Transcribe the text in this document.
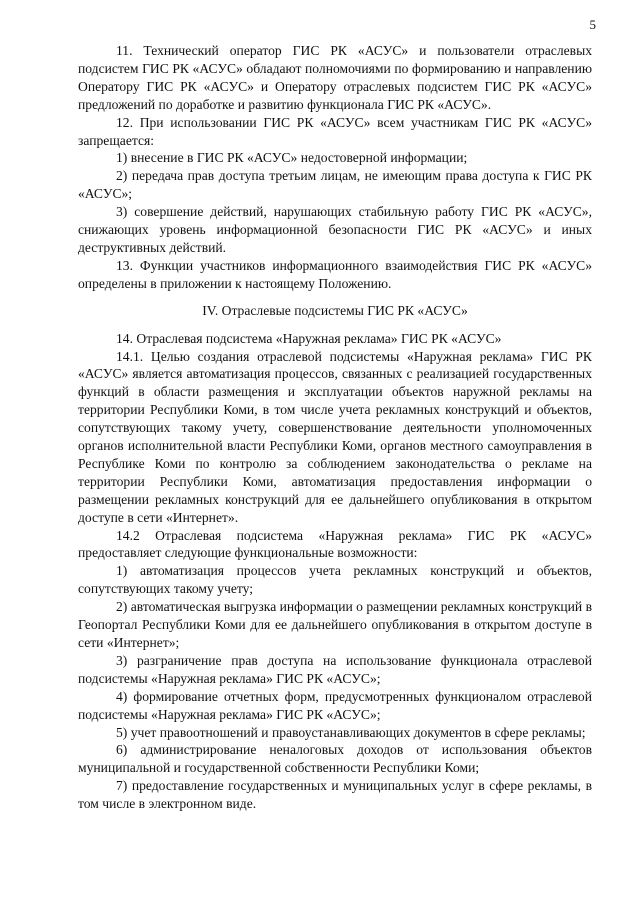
5

11. Технический оператор ГИС РК «АСУС» и пользователи отраслевых подсистем ГИС РК «АСУС» обладают полномочиями по формированию и направлению Оператору ГИС РК «АСУС» и Оператору отраслевых подсистем ГИС РК «АСУС» предложений по доработке и развитию функционала ГИС РК «АСУС».

12. При использовании ГИС РК «АСУС» всем участникам ГИС РК «АСУС» запрещается:

1) внесение в ГИС РК «АСУС» недостоверной информации;

2) передача прав доступа третьим лицам, не имеющим права доступа к ГИС РК «АСУС»;

3) совершение действий, нарушающих стабильную работу ГИС РК «АСУС», снижающих уровень информационной безопасности ГИС РК «АСУС» и иных деструктивных действий.

13. Функции участников информационного взаимодействия ГИС РК «АСУС» определены в приложении к настоящему Положению.

IV. Отраслевые подсистемы ГИС РК «АСУС»

14. Отраслевая подсистема «Наружная реклама» ГИС РК «АСУС»

14.1. Целью создания отраслевой подсистемы «Наружная реклама» ГИС РК «АСУС» является автоматизация процессов, связанных с реализацией государственных функций в области размещения и эксплуатации объектов наружной рекламы на территории Республики Коми, в том числе учета рекламных конструкций и объектов, сопутствующих такому учету, совершенствование деятельности уполномоченных органов исполнительной власти Республики Коми, органов местного самоуправления в Республике Коми по контролю за соблюдением законодательства о рекламе на территории Республики Коми, автоматизация предоставления информации о размещении рекламных конструкций для ее дальнейшего опубликования в открытом доступе в сети «Интернет».

14.2 Отраслевая подсистема «Наружная реклама» ГИС РК «АСУС» предоставляет следующие функциональные возможности:

1) автоматизация процессов учета рекламных конструкций и объектов, сопутствующих такому учету;

2) автоматическая выгрузка информации о размещении рекламных конструкций в Геопортал Республики Коми для ее дальнейшего опубликования в открытом доступе в сети «Интернет»;

3) разграничение прав доступа на использование функционала отраслевой подсистемы «Наружная реклама» ГИС РК «АСУС»;

4) формирование отчетных форм, предусмотренных функционалом отраслевой подсистемы «Наружная реклама» ГИС РК «АСУС»;

5) учет правоотношений и правоустанавливающих документов в сфере рекламы;

6) администрирование неналоговых доходов от использования объектов муниципальной и государственной собственности Республики Коми;

7) предоставление государственных и муниципальных услуг в сфере рекламы, в том числе в электронном виде.
